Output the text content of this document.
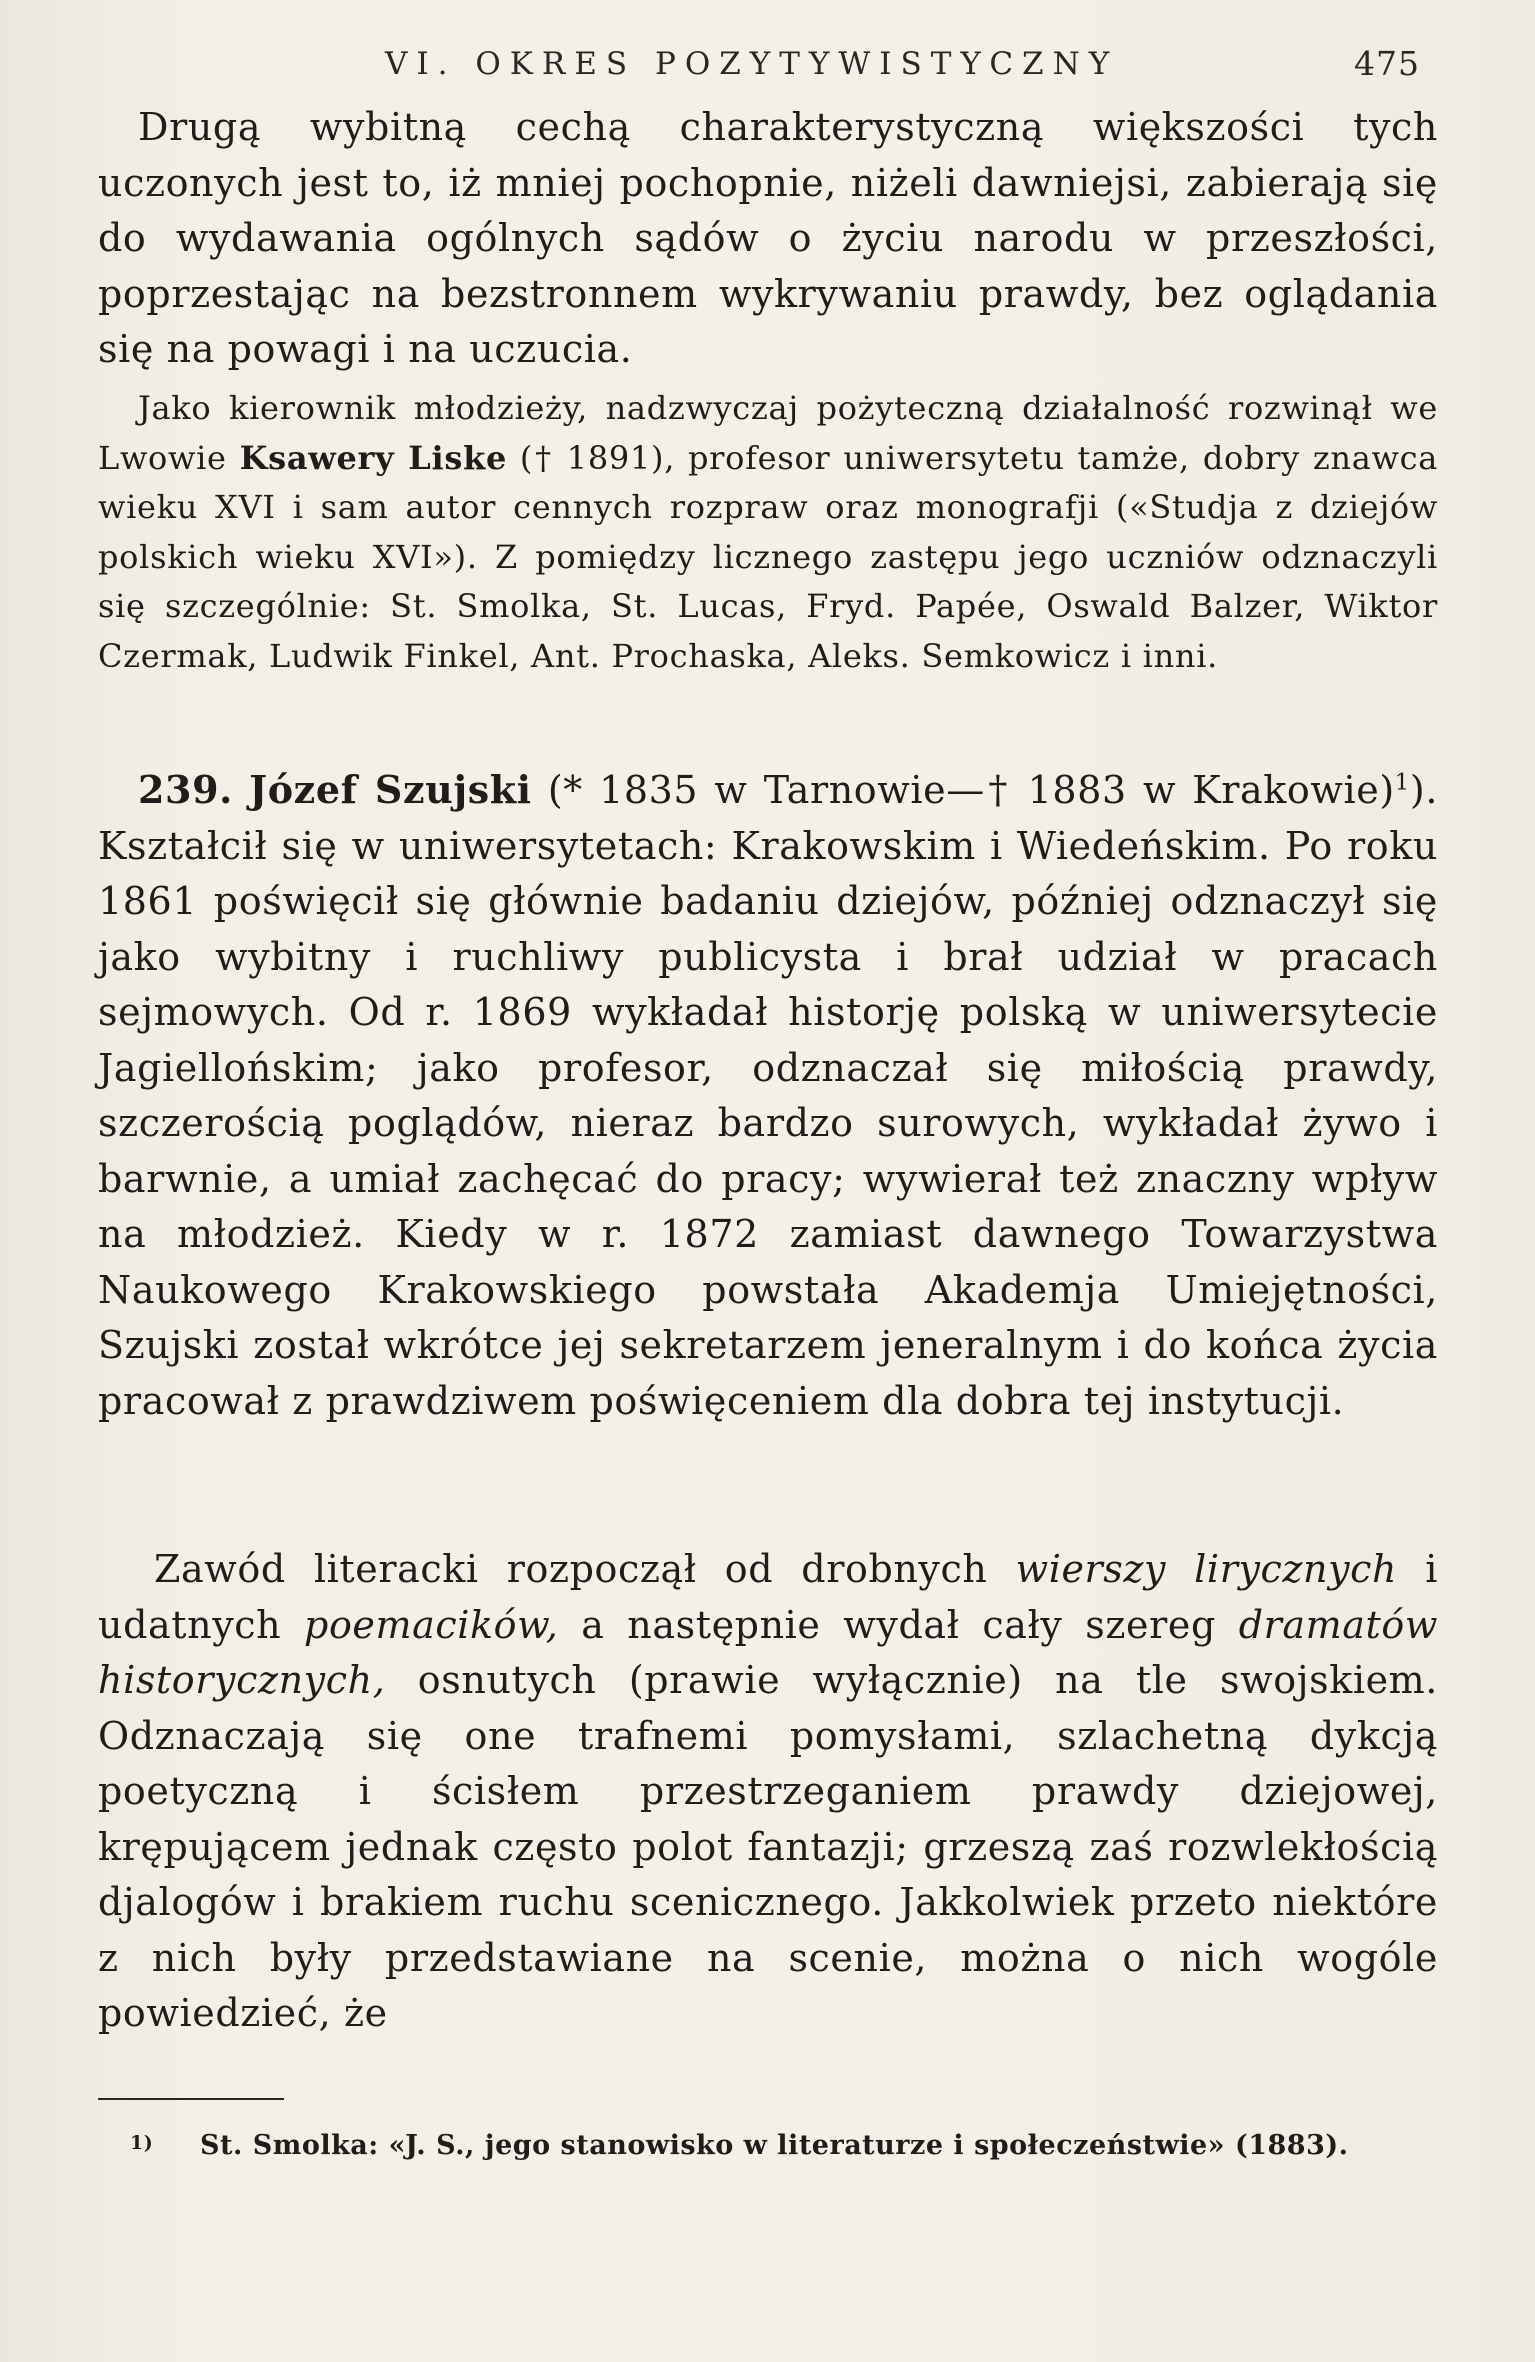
VI. OKRES POZYTYWISTYCZNY	475
Drugą wybitną cechą charakterystyczną większości tych uczonych jest to, iż mniej pochopnie, niżeli dawniejsi, zabierają się do wydawania ogólnych sądów o życiu narodu w przeszłości, poprzestając na bezstronnem wykrywaniu prawdy, bez oglądania się na powagi i na uczucia.
Jako kierownik młodzieży, nadzwyczaj pożyteczną działalność rozwinął we Lwowie Ksawery Liske († 1891), profesor uniwersytetu tamże, dobry znawca wieku XVI i sam autor cennych rozpraw oraz monografji («Studja z dziejów polskich wieku XVI»). Z pomiędzy licznego zastępu jego uczniów odznaczyli się szczególnie: St. Smolka, St. Lucas, Fryd. Papée, Oswald Balzer, Wiktor Czermak, Ludwik Finkel, Ant. Prochaska, Aleks. Semkowicz i inni.
239. Józef Szujski (* 1835 w Tarnowie—† 1883 w Krakowie)$^1$). Kształcił się w uniwersytetach: Krakowskim i Wiedeńskim. Po roku 1861 poświęcił się głównie badaniu dziejów, później odznaczył się jako wybitny i ruchliwy publicysta i brał udział w pracach sejmowych. Od r. 1869 wykładał historję polską w uniwersytecie Jagiellońskim; jako profesor, odznaczał się miłością prawdy, szczerością poglądów, nieraz bardzo surowych, wykładał żywo i barwnie, a umiał zachęcać do pracy; wywierał też znaczny wpływ na młodzież. Kiedy w r. 1872 zamiast dawnego Towarzystwa Naukowego Krakowskiego powstała Akademja Umiejętności, Szujski został wkrótce jej sekretarzem jeneralnym i do końca życia pracował z prawdziwem poświęceniem dla dobra tej instytucji.
Zawód literacki rozpoczął od drobnych wierszy lirycznych i udatnych poemacików, a następnie wydał cały szereg dramatów historycznych, osnutych (prawie wyłącznie) na tle swojskiem. Odznaczają się one trafnemi pomysłami, szlachetną dykcją poetyczną i ścisłem przestrzeganiem prawdy dziejowej, krępującem jednak często polot fantazji; grzeszą zaś rozwlekłością djalogów i brakiem ruchu scenicznego. Jakkolwiek przeto niektóre z nich były przedstawiane na scenie, można o nich wogóle powiedzieć, że
1) St. Smolka: «J. S., jego stanowisko w literaturze i społeczeństwie» (1883).
